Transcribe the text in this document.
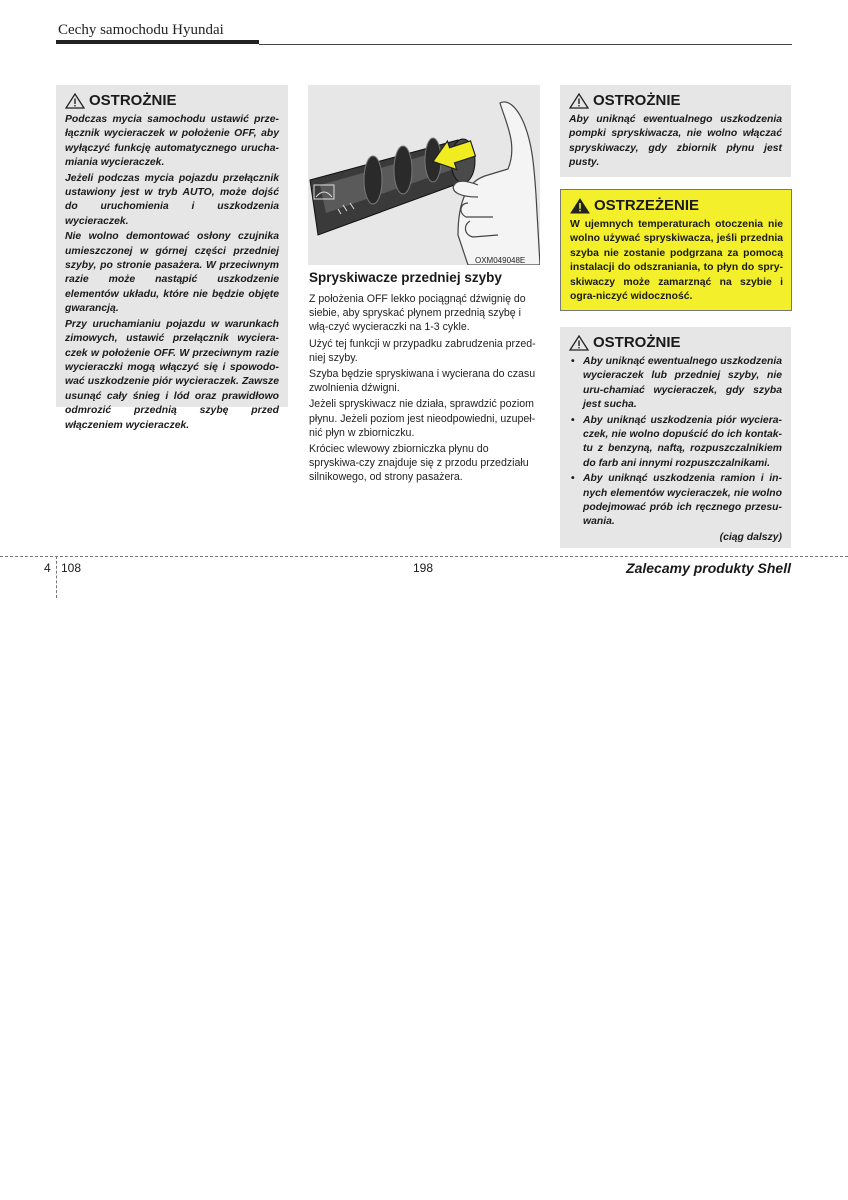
Cechy samochodu Hyundai
OSTROŻNIE

Podczas mycia samochodu ustawić prze-łącznik wycieraczek w położenie OFF, aby wyłączyć funkcję automatycznego urucha-miania wycieraczek.

Jeżeli podczas mycia pojazdu przełącznik ustawiony jest w tryb AUTO, może dojść do uruchomienia i uszkodzenia wycieraczek.

Nie wolno demontować osłony czujnika umieszczonej w górnej części przedniej szyby, po stronie pasażera. W przeciwnym razie może nastąpić uszkodzenie elementów układu, które nie będzie objęte gwarancją.

Przy uruchamianiu pojazdu w warunkach zimowych, ustawić przełącznik wyciera-czek w położenie OFF. W przeciwnym razie wycieraczki mogą włączyć się i spowodo-wać uszkodzenie piór wycieraczek. Zawsze usunąć cały śnieg i lód oraz prawidłowo odmrozić przednią szybę przed włączeniem wycieraczek.

OXM049048E
Spryskiwacze przedniej szyby

Z położenia OFF lekko pociągnąć dźwignię do siebie, aby spryskać płynem przednią szybę i włą-czyć wycieraczki na 1-3 cykle.

Użyć tej funkcji w przypadku zabrudzenia przed-niej szyby.

Szyba będzie spryskiwana i wycierana do czasu zwolnienia dźwigni.

Jeżeli spryskiwacz nie działa, sprawdzić poziom płynu. Jeżeli poziom jest nieodpowiedni, uzupeł-nić płyn w zbiorniczku.

Króciec wlewowy zbiorniczka płynu do spryskiwa-czy znajduje się z przodu przedziału silnikowego, od strony pasażera.

OSTROŻNIE

Aby uniknąć ewentualnego uszkodzenia pompki spryskiwacza, nie wolno włączać spryskiwaczy, gdy zbiornik płynu jest pusty.

OSTRZEŻENIE

W ujemnych temperaturach otoczenia nie wolno używać spryskiwacza, jeśli przednia szyba nie zostanie podgrzana za pomocą instalacji do odszraniania, to płyn do spry-skiwaczy może zamarznąć na szybie i ogra-niczyć widoczność.

OSTROŻNIE
• Aby uniknąć ewentualnego uszkodzenia wycieraczek lub przedniej szyby, nie uru-chamiać wycieraczek, gdy szyba jest sucha.
• Aby uniknąć uszkodzenia piór wyciera-czek, nie wolno dopuścić do ich kontak-tu z benzyną, naftą, rozpuszczalnikiem do farb ani innymi rozpuszczalnikami.
• Aby uniknąć uszkodzenia ramion i in-nych elementów wycieraczek, nie wolno podejmować prób ich ręcznego przesu-wania.
(ciąg dalszy)
4 108	198	Zalecamy produkty Shell
